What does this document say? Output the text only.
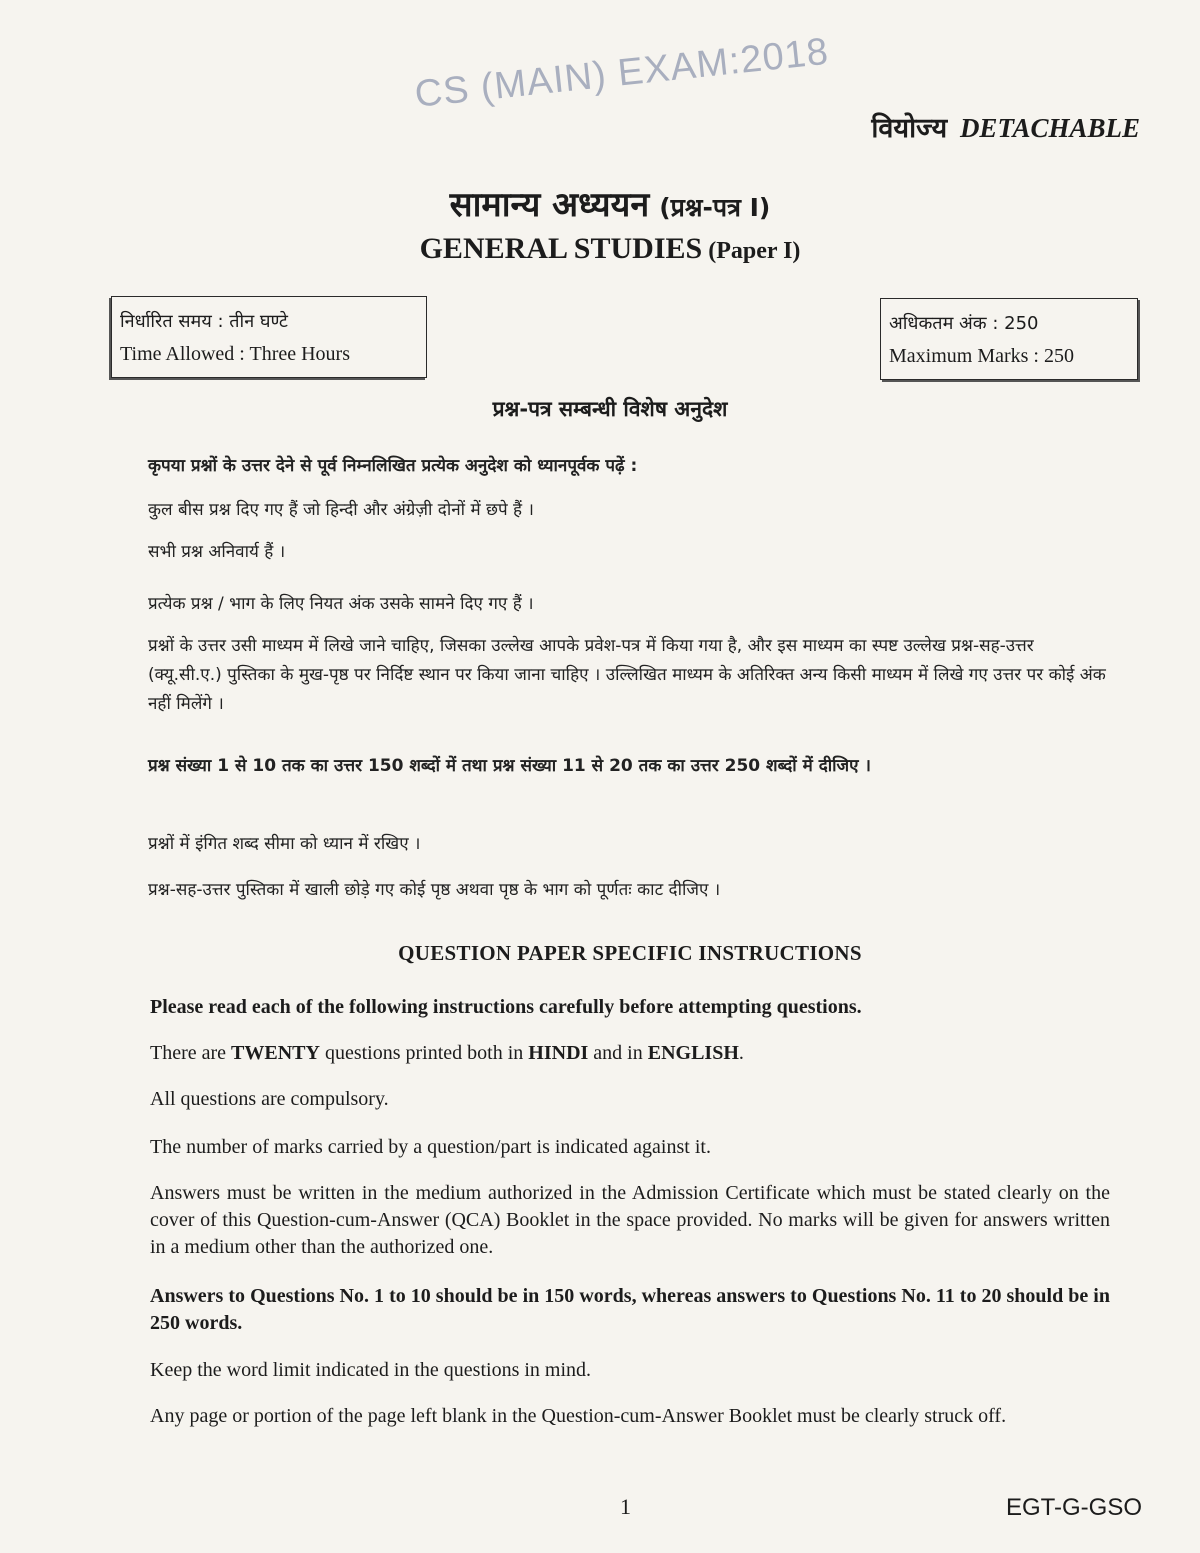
CS (MAIN) EXAM:2018
वियोज्य DETACHABLE
सामान्य अध्ययन (प्रश्न-पत्र I)
GENERAL STUDIES (Paper I)
निर्धारित समय : तीन घण्टे
Time Allowed : Three Hours
अधिकतम अंक : 250
Maximum Marks : 250
प्रश्न-पत्र सम्बन्धी विशेष अनुदेश

कृपया प्रश्नों के उत्तर देने से पूर्व निम्नलिखित प्रत्येक अनुदेश को ध्यानपूर्वक पढ़ें :

कुल बीस प्रश्न दिए गए हैं जो हिन्दी और अंग्रेज़ी दोनों में छपे हैं ।

सभी प्रश्न अनिवार्य हैं ।

प्रत्येक प्रश्न / भाग के लिए नियत अंक उसके सामने दिए गए हैं ।

प्रश्नों के उत्तर उसी माध्यम में लिखे जाने चाहिए, जिसका उल्लेख आपके प्रवेश-पत्र में किया गया है, और इस माध्यम का स्पष्ट उल्लेख प्रश्न-सह-उत्तर (क्यू.सी.ए.) पुस्तिका के मुख-पृष्ठ पर निर्दिष्ट स्थान पर किया जाना चाहिए । उल्लिखित माध्यम के अतिरिक्त अन्य किसी माध्यम में लिखे गए उत्तर पर कोई अंक नहीं मिलेंगे ।

प्रश्न संख्या 1 से 10 तक का उत्तर 150 शब्दों में तथा प्रश्न संख्या 11 से 20 तक का उत्तर 250 शब्दों में दीजिए ।

प्रश्नों में इंगित शब्द सीमा को ध्यान में रखिए ।

प्रश्न-सह-उत्तर पुस्तिका में खाली छोड़े गए कोई पृष्ठ अथवा पृष्ठ के भाग को पूर्णतः काट दीजिए ।

QUESTION PAPER SPECIFIC INSTRUCTIONS

Please read each of the following instructions carefully before attempting questions.

There are TWENTY questions printed both in HINDI and in ENGLISH.

All questions are compulsory.

The number of marks carried by a question/part is indicated against it.

Answers must be written in the medium authorized in the Admission Certificate which must be stated clearly on the cover of this Question-cum-Answer (QCA) Booklet in the space provided. No marks will be given for answers written in a medium other than the authorized one.

Answers to Questions No. 1 to 10 should be in 150 words, whereas answers to Questions No. 11 to 20 should be in 250 words.

Keep the word limit indicated in the questions in mind.

Any page or portion of the page left blank in the Question-cum-Answer Booklet must be clearly struck off.

1	EGT-G-GSO
